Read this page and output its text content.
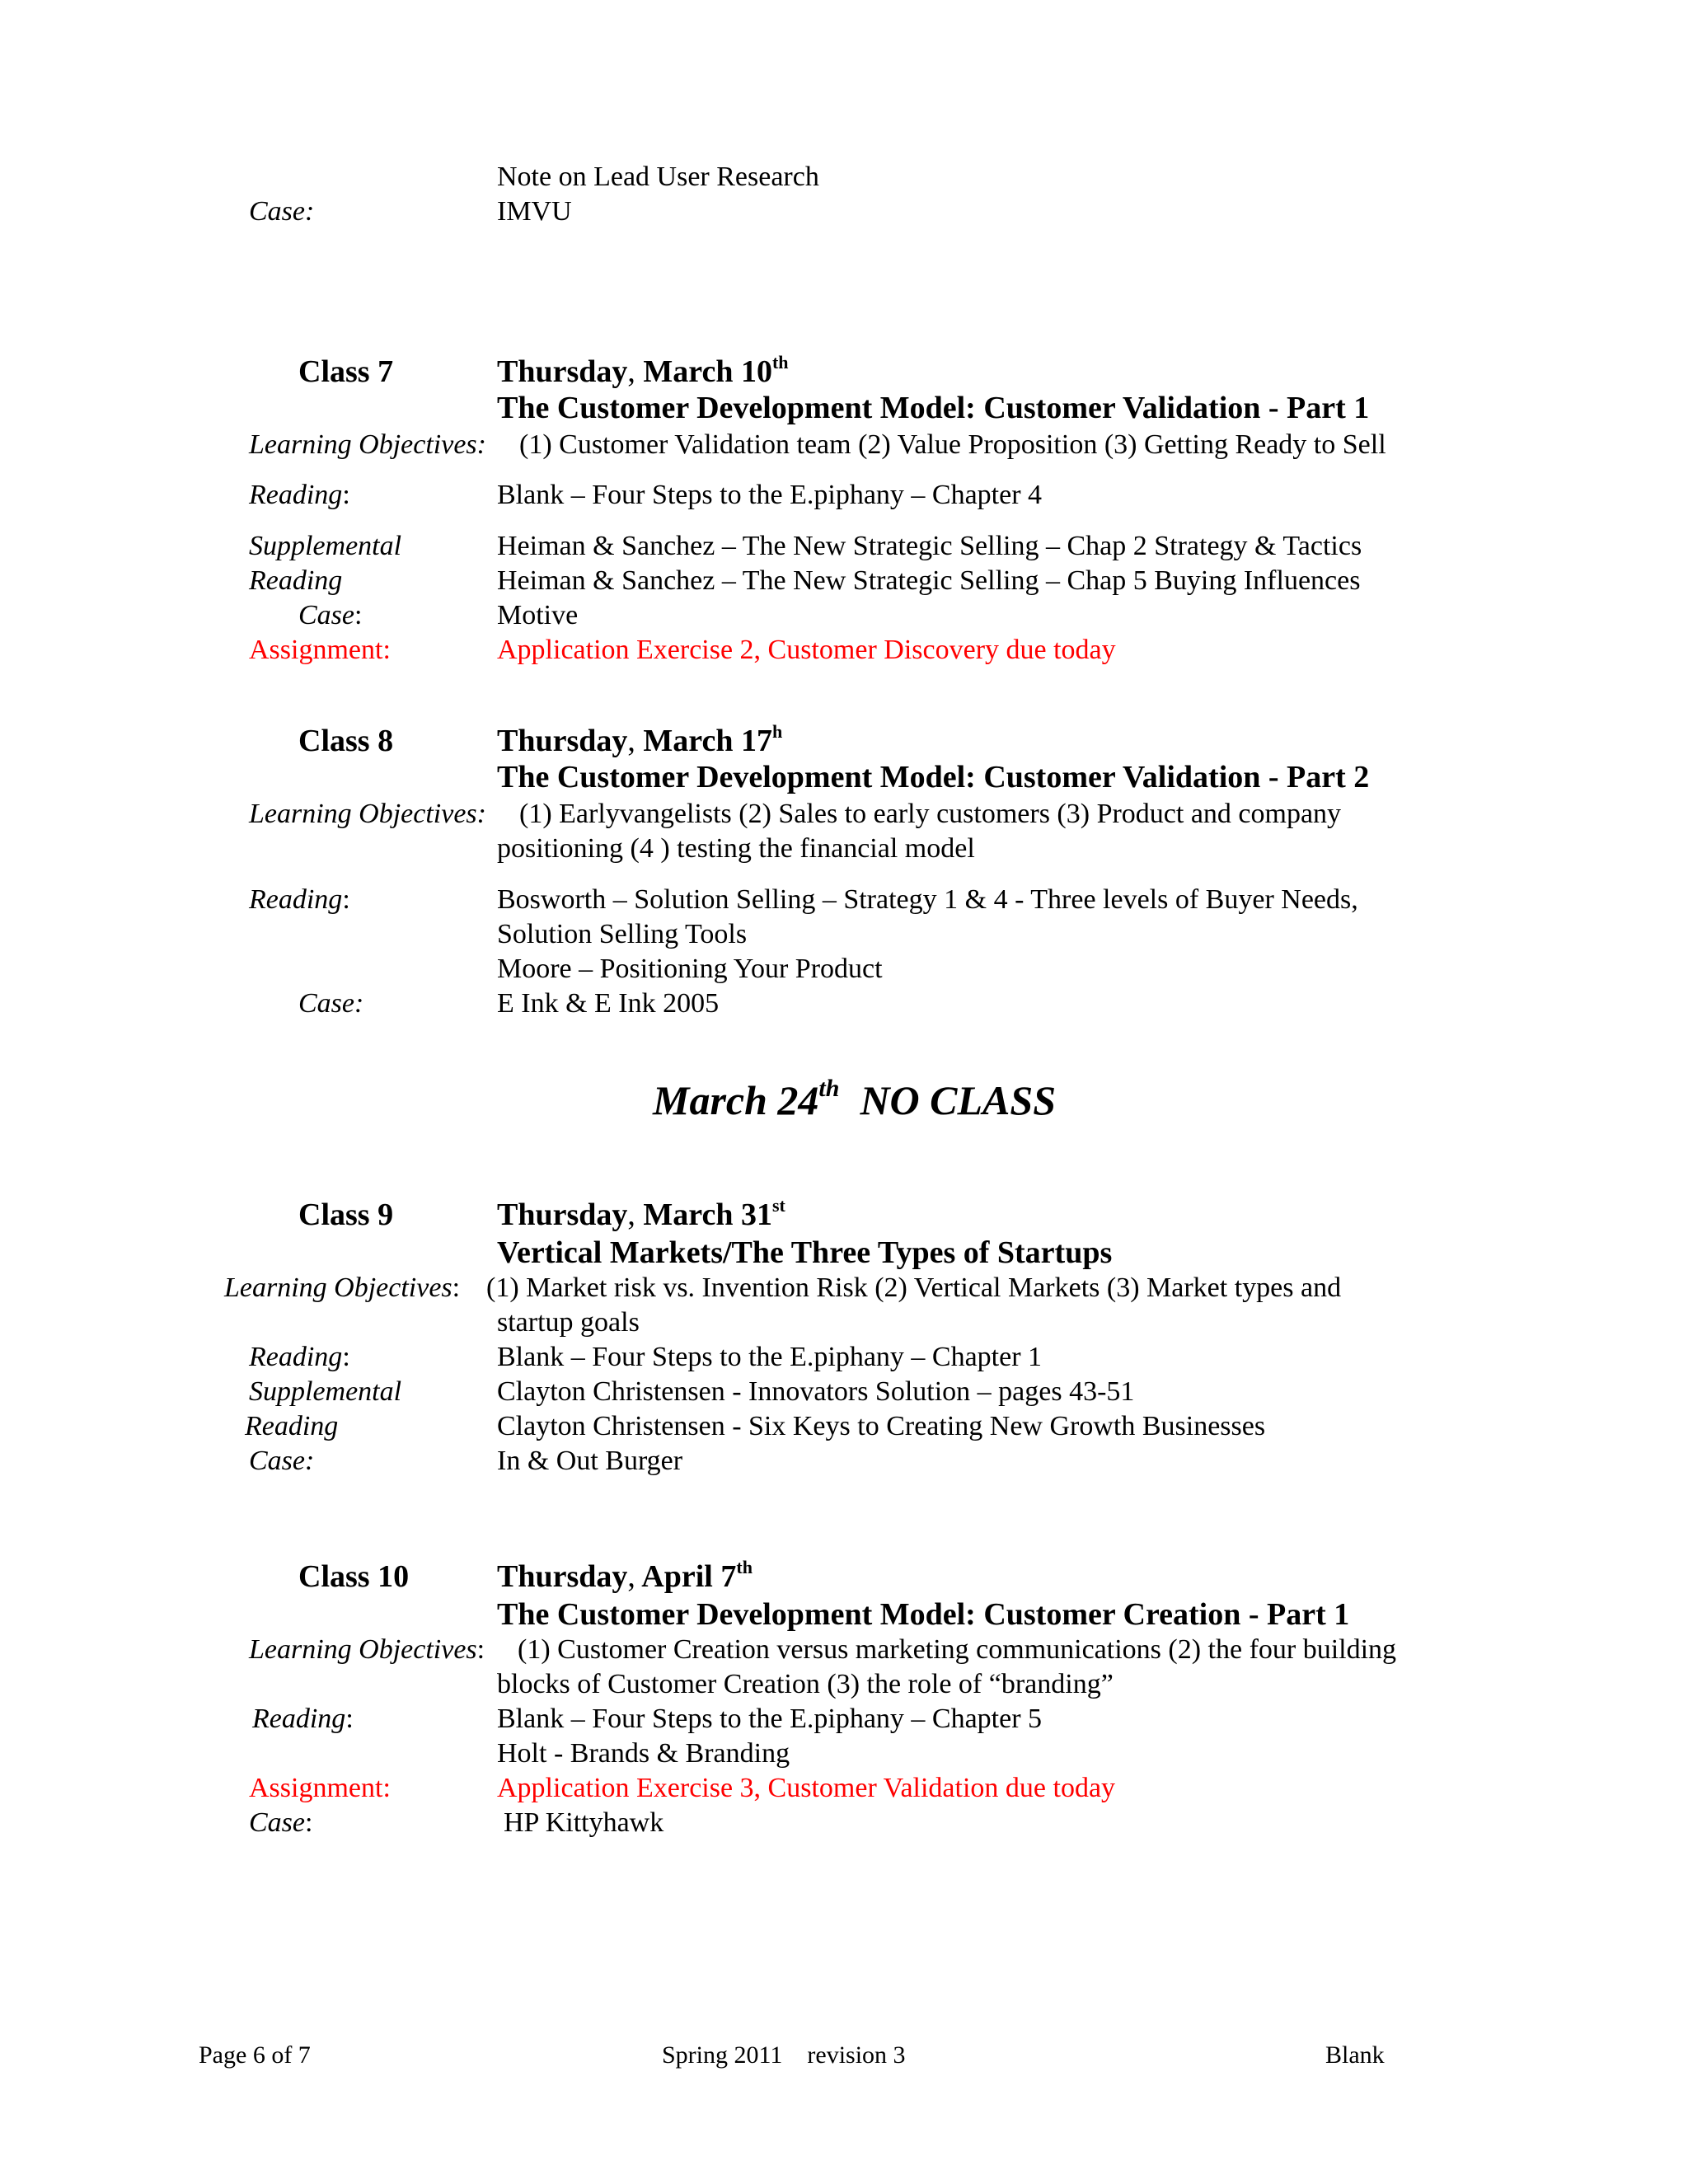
Note on Lead User Research
Case:	IMVU
Class 7	Thursday, March 10th
The Customer Development Model: Customer Validation - Part 1
Learning Objectives: (1) Customer Validation team (2) Value Proposition (3) Getting Ready to Sell
Reading:	Blank – Four Steps to the E.piphany – Chapter 4
Supplemental	Heiman & Sanchez – The New Strategic Selling – Chap 2 Strategy & Tactics
Reading	Heiman & Sanchez – The New Strategic Selling – Chap 5 Buying Influences
Case:	Motive
Assignment:	Application Exercise 2, Customer Discovery due today
Class 8	Thursday, March 17$^h$
The Customer Development Model: Customer Validation - Part 2
Learning Objectives: (1) Earlyvangelists (2) Sales to early customers (3) Product and company
positioning (4 ) testing the financial model
Reading:	Bosworth – Solution Selling – Strategy 1 & 4 - Three levels of Buyer Needs,
Solution Selling Tools
Moore – Positioning Your Product
Case:	E Ink & E Ink 2005
March 24th  NO CLASS
Class 9	Thursday, March 31st
Vertical Markets/The Three Types of Startups
Learning Objectives: (1) Market risk vs. Invention Risk (2) Vertical Markets (3) Market types and
startup goals
Reading:	Blank – Four Steps to the E.piphany – Chapter 1
Supplemental	Clayton Christensen - Innovators Solution – pages 43-51
Reading	Clayton Christensen - Six Keys to Creating New Growth Businesses
Case:	In & Out Burger
Class 10	Thursday, April 7th
The Customer Development Model: Customer Creation - Part 1
Learning Objectives: (1) Customer Creation versus marketing communications (2) the four building
blocks of Customer Creation (3) the role of “branding”
Reading:	Blank – Four Steps to the E.piphany – Chapter 5
Holt - Brands & Branding
Assignment:	Application Exercise 3, Customer Validation due today
Case:	HP Kittyhawk
Page 6 of 7	Spring 2011    revision 3	Blank
